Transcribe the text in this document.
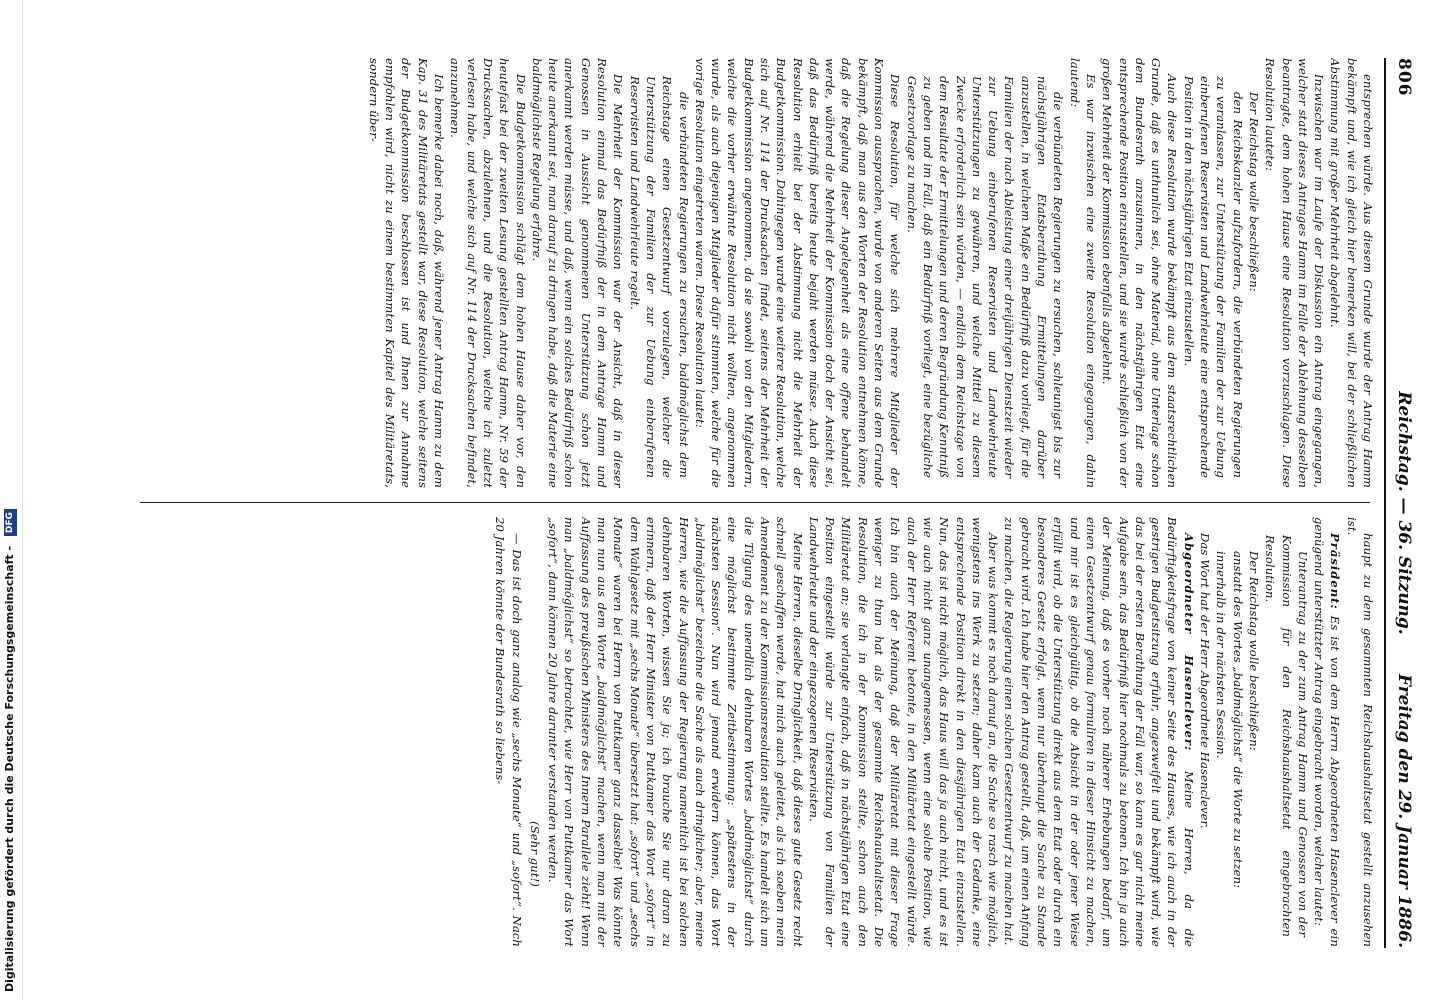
Digitalisierung gefördert durch die Deutsche Forschungsgemeinschaft - DFG
806
Reichstag. — 36. Sitzung.
Freitag den 29. Januar 1886.

entsprechen würde. Aus diesem Grunde wurde der Antrag Hamm bekämpft und, wie ich gleich hier bemerken will, bei der schließlichen Abstimmung mit großer Mehrheit abgelehnt.

Inzwischen war im Laufe der Diskussion ein Antrag eingegangen, welcher statt dieses Antrages Hamm im Falle der Ablehnung desselben beantragte, dem hohen Hause eine Resolution vorzuschlagen. Diese Resolution lautete:

Der Reichstag wolle beschließen:

den Reichskanzler aufzufordern, die verbündeten Regierungen zu veranlassen, zur Unterstützung der Familien der zur Uebung einberufenen Reservisten und Landwehrleute eine entsprechende Position in den nächstjährigen Etat einzustellen.

Auch diese Resolution wurde bekämpft aus dem staatsrechtlichen Grunde, daß es unthunlich sei, ohne Material, ohne Unterlage schon dem Bundesrath anzusinnen, in den nächstjährigen Etat eine entsprechende Position einzustellen, und sie wurde schließlich von der großen Mehrheit der Kommission ebenfalls abgelehnt.

Es war inzwischen eine zweite Resolution eingegangen, dahin lautend:

die verbündeten Regierungen zu ersuchen, schleunigst bis zur nächstjährigen Etatsberathung Ermittelungen darüber anzustellen, in welchem Maße ein Bedürfniß dazu vorliegt, für die Familien der nach Ableistung einer dreijährigen Dienstzeit wieder zur Uebung einberufenen Reservisten und Landwehrleute Unterstützungen zu gewähren, und welche Mittel zu diesem Zwecke erforderlich sein würden, — endlich dem Reichstage von dem Resultate der Ermittelungen und deren Begründung Kenntniß zu geben und im Fall, daß ein Bedürfniß vorliegt, eine bezügliche Gesetzvorlage zu machen.

Diese Resolution, für welche sich mehrere Mitglieder der Kommission aussprachen, wurde von anderen Seiten aus dem Grunde bekämpft, daß man aus den Worten der Resolution entnehmen könne, daß die Regelung dieser Angelegenheit als eine offene behandelt werde, während die Mehrheit der Kommission doch der Ansicht sei, daß das Bedürfniß bereits heute bejaht werden müsse. Auch diese Resolution erhielt bei der Abstimmung nicht die Mehrheit der Budgetkommission. Dahingegen wurde eine weitere Resolution, welche sich auf Nr. 114 der Drucksachen findet, seitens der Mehrheit der Budgetkommission angenommen, da sie sowohl von den Mitgliedern, welche die vorher erwähnte Resolution nicht wollten, angenommen wurde, als auch diejenigen Mitglieder dafür stimmten, welche für die vorige Resolution eingetreten waren. Diese Resolution lautet:

die verbündeten Regierungen zu ersuchen, baldmöglichst dem Reichstage einen Gesetzentwurf vorzulegen, welcher die Unterstützung der Familien der zur Uebung einberufenen Reservisten und Landwehrleute regelt.

Die Mehrheit der Kommission war der Ansicht, daß in dieser Resolution einmal das Bedürfniß der in dem Antrage Hamm und Genossen in Aussicht genommenen Unterstützung schon jetzt anerkannt werden müsse, und daß, wenn ein solches Bedürfniß schon heute anerkannt sei, man darauf zu dringen habe, daß die Materie eine baldmöglichste Regelung erfahre.

Die Budgetkommission schlägt dem hohen Hause daher vor, den heutefast bei der zweiten Lesung gestellten Antrag Hamm, Nr. 59 der Drucksachen, abzulehnen, und die Resolution, welche ich zuletzt verlesen habe, und welche sich auf Nr. 114 der Drucksachen befindet, anzunehmen.

Ich bemerke dabei noch, daß, während jener Antrag Hamm zu dem Kap. 31 des Militäretats gestellt war, diese Resolution, welche seitens der Budgetkommission beschlossen ist und Ihnen zur Annahme empfohlen wird, nicht zu einem bestimmten Kapitel des Militäretats, sondern über-

haupt zu dem gesammten Reichshaushaltsetat gestellt anzusehen ist.

Präsident: Es ist von dem Herrn Abgeordneten Hasenclever ein genügend unterstützter Antrag eingebracht worden, welcher lautet:

Unterantrag zu der zum Antrag Hamm und Genossen von der Kommission für den Reichshaushaltsetat eingebrachten Resolution.

Der Reichstag wolle beschließen:

anstatt des Wortes „baldmöglichst“ die Worte zu setzen:

innerhalb in der nächsten Session.

Das Wort hat der Herr Abgeordnete Hasenclever.

Abgeordneter Hasenclever: Meine Herren, da die Bedürftigkeitsfrage von keiner Seite des Hauses, wie ich auch in der gestrigen Budgetsitzung erfuhr, angezweifelt und bekämpft wird, wie das bei der ersten Berathung der Fall war, so kann es gar nicht meine Aufgabe sein, das Bedürfniß hier nochmals zu betonen. Ich bin ja auch der Meinung, daß es vorher noch näherer Erhebungen bedarf, um einen Gesetzentwurf genau formuliren in dieser Hinsicht zu machen, und mir ist es gleichgültig, ob die Absicht in der oder jener Weise erfüllt wird, ob die Unterstützung direkt aus dem Etat oder durch ein besonderes Gesetz erfolgt, wenn nur überhaupt die Sache zu Stande gebracht wird. Ich habe hier den Antrag gestellt, daß, um einen Anfang zu machen, die Regierung einen solchen Gesetzentwurf zu machen hat.

Aber was kommt es noch darauf an, die Sache so rasch wie möglich, wenigstens ins Werk zu setzen; daher kam auch der Gedanke, eine entsprechende Position direkt in den diesjährigen Etat einzustellen. Nun, das ist nicht möglich, das Haus will das ja auch nicht, und es ist wie auch nicht ganz unangemessen, wenn eine solche Position, wie auch der Herr Referent betonte, in den Militäretat eingestellt würde. Ich bin auch der Meinung, daß der Militäretat mit dieser Frage weniger zu thun hat als der gesammte Reichshaushaltsetat. Die Resolution, die ich in der Kommission stellte, schon auch den Militäretat an; sie verlangte einfach, daß in nächstjährigen Etat eine Position eingestellt würde zur Unterstützung von Familien der Landwehrleute und der eingezogenen Reservisten.

Meine Herren, dieselbe Dringlichkeit, daß dieses gute Gesetz recht schnell geschaffen werde, hat mich auch geleitet, als ich soeben mein Amendement zu der Kommissionsresolution stellte. Es handelt sich um die Tilgung des unendlich dehnbaren Wortes „baldmöglichst“ durch eine möglichst bestimmte Zeitbestimmung: „spätestens in der nächsten Session“. Nun wird jemand erwidern können, das Wort „baldmöglichst“ bezeichne die Sache als auch dringlicher; aber, meine Herren, wie die Auffassung der Regierung namentlich ist bei solchen dehnbaren Worten, wissen Sie ja; ich brauche Sie nur daran zu erinnern, daß der Herr Minister von Puttkamer das Wort „sofort“ in dem Wahlgesetz mit „sechs Monate“ übersetzt hat: „sofort“ und „sechs Monate“ waren bei Herrn von Puttkamer ganz dasselbe! Was könnte man nun aus dem Worte „baldmöglichst“ machen, wenn man mit der Auffassung des preußischen Ministers des Innern Parallele zieht! Wenn man „baldmöglichst“ so betrachtet, wie Herr von Puttkamer das Wort „sofort“, dann können 20 Jahre darunter verstanden werden.

(Sehr gut!)

— Das ist doch ganz analog wie „sechs Monate“ und „sofort“. Nach 20 Jahren könnte der Bundesrath so liebens-
